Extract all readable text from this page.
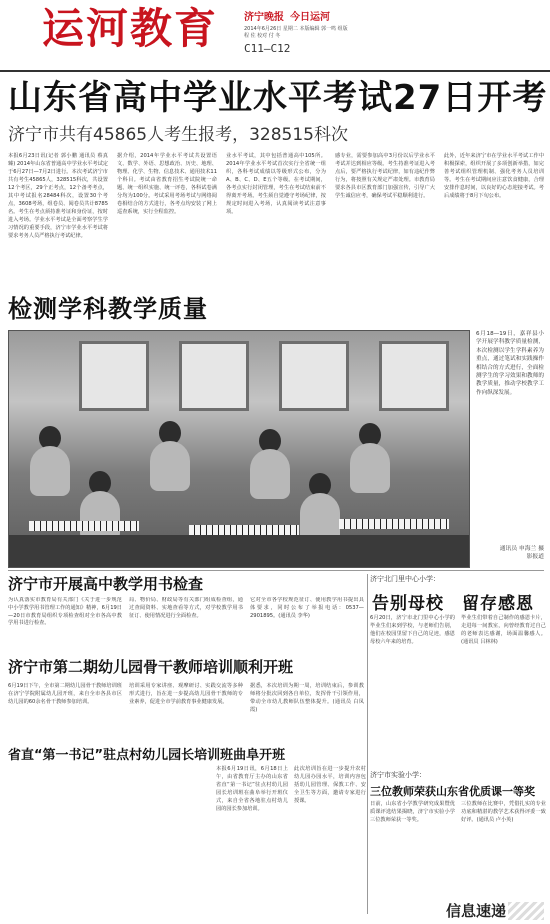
运河教育	济宁晚报 今日运河
2014年6月26日 星期二 本版编辑 郭一鸣 组版 程 佐 校对 付 冬
C11—C12
山东省高中学业水平考试27日开考
济宁市共有45865人考生报考，328515科次
本报6月23日讯(记者 郭小鹏 通讯员 蔡真臻) 2014年山东省普通高中学业水平考试定于6月27日—7月2日进行。本次考试济宁市共有考生45865人，328515科次，共设置12个考区，29个正考点，12个备考考点，其中考试报名28484科次，设置30个考点，3608考场，组卷员、阅卷员共计8785名。考生在考点须持准考证和身份证，按时进入考场。学业水平考试是全面考察学生学习情况的重要手段，济宁市学业水平考试将要求考务人员严格执行考试纪律。
据介绍，2014年学业水平考试共设置语文、数学、外语、思想政治、历史、地理、物理、化学、生物、信息技术、通用技术11个科目。考试由省教育招生考试院统一命题、统一组织实施、统一评卷，各科试卷满分均为100分。考试采用考场考试与网络阅卷相结合的方式进行，各考点均安装了网上巡查系统，实行全程监控。
业水平考试，其中包括普通高中105所。2014年学业水平考试首次实行全省统一组织，各科考试成绩以等级形式公布，分为A、B、C、D、E五个等级。在考试期间，各考点实行封闭管理，考生在考试结束前不得离开考场。考生须自觉遵守考场纪律，按规定时间进入考场，认真阅读考试注意事项。
感专业，需要参加高中3月份以后学业水平考试并达到相应等级。考生持准考证进入考点后，要严格执行考试纪律，如有违纪作弊行为，将按照有关规定严肃处理。市教育局要求各县市区教育部门加强宣传，引导广大学生诚信应考，确保考试平稳顺利进行。
此外，近年来济宁市在学业水平考试工作中积极探索，组织开展了多项创新举措，如完善考试组织管理机制、强化考务人员培训等。考生在考试期间应注意饮食健康，合理安排作息时间，以良好的心态迎接考试。考后成绩将于8月下旬公布。
检测学科教学质量
6月18—19日，嘉祥县小学开展学科教学质量检测，本次检测以学生学科素养为重点，通过笔试和实践操作相结合的方式进行，全面检测学生的学习效果和教师的教学质量，推动学校教学工作向纵深发展。
通讯员 申海兰 摄影报道
济宁市开展高中教学用书检查
为认真落实市教育局有关部门《关于进一步规范中小学教学用书管理工作的通知》精神，6月19日—20日市教育局组织专项检查组对全市各高中教学用书进行检查。
局、物价局、财政局等有关部门组成检查组，通过查阅资料、实地查看等方式，对学校教学用书征订、使用情况进行全面检查。
它对全市各学校规范征订、使用教学用书提出具体要求，同时公布了举报电话：0537—2901895。(通讯员 李华)
济宁市第二期幼儿园骨干教师培训顺利开班
6月19日下午，全市第二期幼儿园骨干教师培训班在济宁学院附属幼儿园开班，来自全市各县市区幼儿园的60余名骨干教师参加培训。
培训采用专家讲座、观摩研讨、实践交流等多种形式进行，旨在进一步提高幼儿园骨干教师的专业素养，促进全市学前教育事业健康发展。
据悉，本次培训为期一周，培训结束后，参训教师将分批次回到各自单位，发挥骨干引领作用，带动全市幼儿教师队伍整体提升。(通讯员 白凤霞)
省直“第一书记”驻点村幼儿园长培训班曲阜开班
本报6月19日讯，6月18日上午，由省教育厅主办的山东省省直“第一书记”驻点村幼儿园园长培训班在曲阜举行开班仪式，来自全省各地驻点村幼儿园的园长参加培训。
此次培训旨在进一步提升农村幼儿园办园水平，培训内容包括幼儿园管理、保教工作、安全卫生等方面，邀请专家进行授课。
济宁北门里中心小学：
告别母校　留存感恩
6月20日，济宁市北门里中心小学的毕业生们来到学校，与老师们告别，他们在校园里留下自己的足迹，感恩母校六年来的培育。
毕业生们带着自己制作的感恩卡片，走进每一间教室，向曾经教育过自己的老师表达感谢，场面温馨感人。(通讯员 吕林林)
济宁市实验小学：
三位教师荣获山东省优质课一等奖
日前，山东省小学教学研究成果暨优质课评选结果揭晓，济宁市实验小学三位教师荣获一等奖。
三位教师在比赛中，凭借扎实的专业功底和精湛的教学艺术获得评委一致好评。(通讯员 卢小英)
信息速递
